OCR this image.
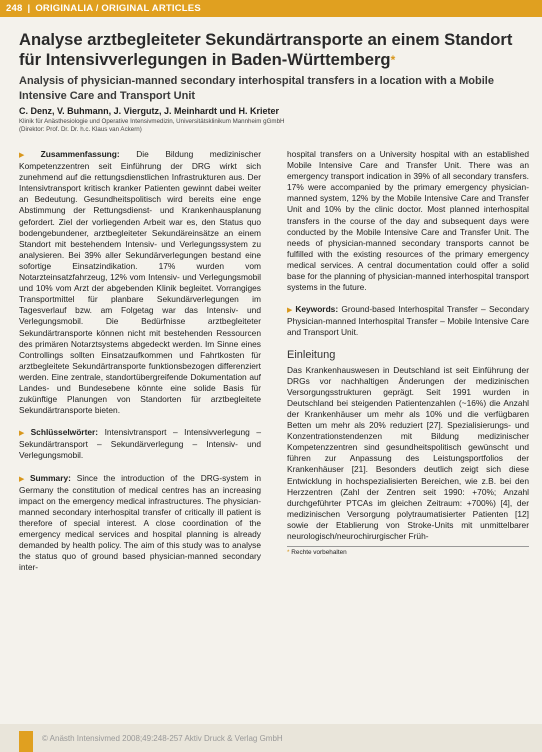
248 | ORIGINALIA / ORIGINAL ARTICLES
Analyse arztbegleiteter Sekundärtransporte an einem Standort für Intensivverlegungen in Baden-Württemberg*
Analysis of physician-manned secondary interhospital transfers in a location with a Mobile Intensive Care and Transport Unit
C. Denz, V. Buhmann, J. Viergutz, J. Meinhardt und H. Krieter
Klinik für Anästhesiologie und Operative Intensivmedizin, Universitätsklinikum Mannheim gGmbH
(Direktor: Prof. Dr. Dr. h.c. Klaus van Ackern)

▶ Zusammenfassung: Die Bildung medizinischer Kompetenzzentren seit Einführung der DRG wirkt sich zunehmend auf die rettungsdienstlichen Infrastrukturen aus. Der Intensivtransport kritisch kranker Patienten gewinnt dabei weiter an Bedeutung. Gesundheitspolitisch wird bereits eine enge Abstimmung der Rettungsdienst- und Krankenhausplanung gefordert. Ziel der vorliegenden Arbeit war es, den Status quo bodengebundener, arztbegleiteter Sekundäreinsätze an einem Standort mit bestehendem Intensiv- und Verlegungssystem zu analysieren. Bei 39% aller Sekundärverlegungen bestand eine sofortige Einsatzindikation. 17% wurden vom Notarzteinsatzfahrzeug, 12% vom Intensiv- und Verlegungsmobil und 10% vom Arzt der abgebenden Klinik begleitet. Vorrangiges Transportmittel für planbare Sekundärverlegungen im Tagesverlauf bzw. am Folgetag war das Intensiv- und Verlegungsmobil. Die Bedürfnisse arztbegleiteter Sekundärtransporte können nicht mit bestehenden Ressourcen des primären Notarztsystems abgedeckt werden. Im Sinne eines Controllings sollten Einsatzaufkommen und Fahrtkosten für arztbegleitete Sekundärtransporte funktionsbezogen differenziert werden. Eine zentrale, standortübergreifende Dokumentation auf Landes- und Bundesebene könnte eine solide Basis für zukünftige Planungen von Standorten für arztbegleitete Sekundärtransporte bieten.

▶ Schlüsselwörter: Intensivtransport – Intensivverlegung – Sekundärtransport – Sekundärverlegung – Intensiv- und Verlegungsmobil.

▶ Summary: Since the introduction of the DRG-system in Germany the constitution of medical centres has an increasing impact on the emergency medical infrastructures. The physician-manned secondary interhospital transfer of critically ill patient is therefore of special interest. A close coordination of the emergency medical services and hospital planning is already demanded by health policy. The aim of this study was to analyse the status quo of ground based physician-manned secondary inter-

hospital transfers on a University hospital with an established Mobile Intensive Care and Transfer Unit. There was an emergency transport indication in 39% of all secondary transfers. 17% were accompanied by the primary emergency physician-manned system, 12% by the Mobile Intensive Care and Transfer Unit and 10% by the clinic doctor. Most planned interhospital transfers in the course of the day and subsequent days were conducted by the Mobile Intensive Care and Transfer Unit. The needs of physician-manned secondary transports cannot be fulfilled with the existing resources of the primary emergency medical services. A central documentation could offer a solid base for the planning of physician-manned interhospital transport systems in the future.

▶ Keywords: Ground-based Interhospital Transfer – Secondary Physician-manned Interhospital Transfer – Mobile Intensive Care and Transport Unit.

Einleitung

Das Krankenhauswesen in Deutschland ist seit Einführung der DRGs vor nachhaltigen Änderungen der medizinischen Versorgungsstrukturen geprägt. Seit 1991 wurden in Deutschland bei steigenden Patientenzahlen (~16%) die Anzahl der Krankenhäuser um mehr als 10% und die verfügbaren Betten um mehr als 20% reduziert [27]. Spezialisierungs- und Konzentrationstendenzen mit Bildung medizinischer Kompetenzzentren sind gesundheitspolitisch gewünscht und führen zur Anpassung des Leistungsportfolios der Krankenhäuser [21]. Besonders deutlich zeigt sich diese Entwicklung in hochspezialisierten Bereichen, wie z.B. bei den Herzzentren (Zahl der Zentren seit 1990: +70%; Anzahl durchgeführter PTCAs im gleichen Zeitraum: +700%) [4], der medizinischen Versorgung polytraumatisierter Patienten [12] sowie der Etablierung von Stroke-Units mit unmittelbarer neurologisch/neurochirurgischer Früh-

* Rechte vorbehalten
© Anästh Intensivmed 2008;49:248-257 Aktiv Druck & Verlag GmbH
